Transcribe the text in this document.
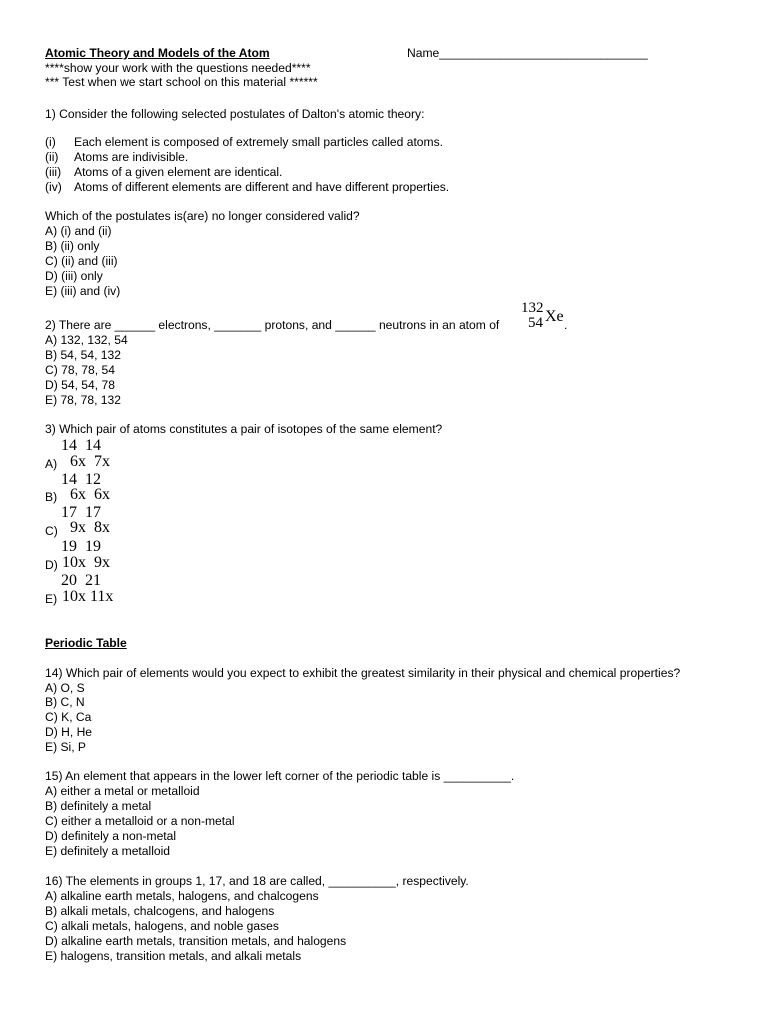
Atomic Theory and Models of the Atom	Name_______________________________
****show your work with the questions needed****
*** Test when we start school on this material ******
1) Consider the following selected postulates of Dalton's atomic theory:
(i) Each element is composed of extremely small particles called atoms.
(ii) Atoms are indivisible.
(iii) Atoms of a given element are identical.
(iv) Atoms of different elements are different and have different properties.
Which of the postulates is(are) no longer considered valid?
A) (i) and (ii)
B) (ii) only
C) (ii) and (iii)
D) (iii) only
E) (iii) and (iv)
132
54 Xe
2) There are ______ electrons, _______ protons, and ______ neutrons in an atom of	.
A) 132, 132, 54
B) 54, 54, 132
C) 78, 78, 54
D) 54, 54, 78
E) 78, 78, 132
3) Which pair of atoms constitutes a pair of isotopes of the same element?
14  14
A) 6x  7x
14  12
B) 6x  6x
17  17
C) 9x  8x
19  19
D) 10x  9x
20  21
E) 10x 11x
Periodic Table
14) Which pair of elements would you expect to exhibit the greatest similarity in their physical and chemical properties?
A) O, S
B) C, N
C) K, Ca
D) H, He
E) Si, P
15) An element that appears in the lower left corner of the periodic table is __________.
A) either a metal or metalloid
B) definitely a metal
C) either a metalloid or a non-metal
D) definitely a non-metal
E) definitely a metalloid
16) The elements in groups 1, 17, and 18 are called, __________, respectively.
A) alkaline earth metals, halogens, and chalcogens
B) alkali metals, chalcogens, and halogens
C) alkali metals, halogens, and noble gases
D) alkaline earth metals, transition metals, and halogens
E) halogens, transition metals, and alkali metals
